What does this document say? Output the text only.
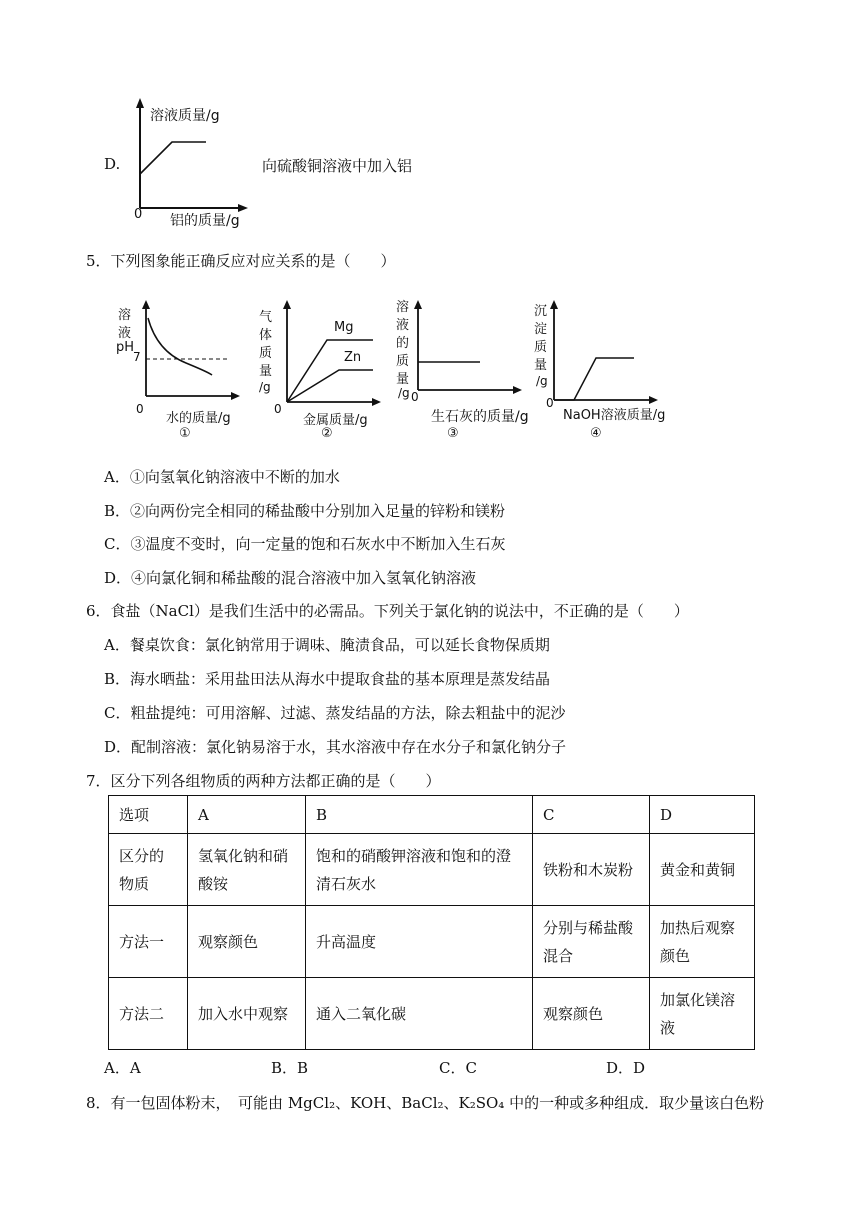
D.
溶液质量/g
0 铝的质量/g
向硫酸铜溶液中加入铝
5．下列图象能正确反应对应关系的是（　　）
溶
液
pH
7
0
水的质量/g
①
气
体
质
量
/g
Mg
Zn
0
金属质量/g
②
溶
液
的
质
量
/g 0
生石灰的质量/g
③
沉
淀
质
量
/g
0
NaOH溶液质量/g
④
A．①向氢氧化钠溶液中不断的加水
B．②向两份完全相同的稀盐酸中分别加入足量的锌粉和镁粉
C．③温度不变时，向一定量的饱和石灰水中不断加入生石灰
D．④向氯化铜和稀盐酸的混合溶液中加入氢氧化钠溶液
6．食盐（NaCl）是我们生活中的必需品。下列关于氯化钠的说法中，不正确的是（　　）
A．餐桌饮食：氯化钠常用于调味、腌渍食品，可以延长食物保质期
B．海水晒盐：采用盐田法从海水中提取食盐的基本原理是蒸发结晶
C．粗盐提纯：可用溶解、过滤、蒸发结晶的方法，除去粗盐中的泥沙
D．配制溶液：氯化钠易溶于水，其水溶液中存在水分子和氯化钠分子
7．区分下列各组物质的两种方法都正确的是（　　）
选项	A	B	C	D
区分的物质	氢氧化钠和硝酸铵	饱和的硝酸钾溶液和饱和的澄清石灰水	铁粉和木炭粉	黄金和黄铜
方法一	观察颜色	升高温度	分别与稀盐酸混合	加热后观察颜色
方法二	加入水中观察	通入二氧化碳	观察颜色	加氯化镁溶液
A．A	B．B	C．C	D．D
8．有一包固体粉末，　可能由 MgCl₂、KOH、BaCl₂、K₂SO₄ 中的一种或多种组成．取少量该白色粉
